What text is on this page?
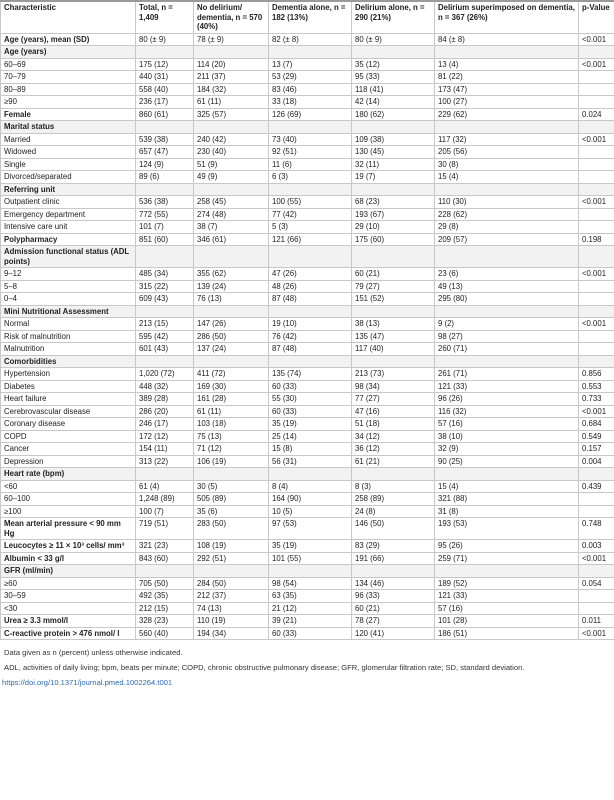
Characteristic	Total, n = 1,409	No delirium/ dementia, n = 570 (40%)	Dementia alone, n = 182 (13%)	Delirium alone, n = 290 (21%)	Delirium superimposed on dementia, n = 367 (26%)	p-Value
Age (years), mean (SD)	80 (± 9)	78 (± 9)	82 (± 8)	80 (± 9)	84 (± 8)	<0.001
Age (years)						
60–69	175 (12)	114 (20)	13 (7)	35 (12)	13 (4)	<0.001
70–79	440 (31)	211 (37)	53 (29)	95 (33)	81 (22)	
80–89	558 (40)	184 (32)	83 (46)	118 (41)	173 (47)	
≥90	236 (17)	61 (11)	33 (18)	42 (14)	100 (27)	
Female	860 (61)	325 (57)	126 (69)	180 (62)	229 (62)	0.024
Marital status						
Married	539 (38)	240 (42)	73 (40)	109 (38)	117 (32)	<0.001
Widowed	657 (47)	230 (40)	92 (51)	130 (45)	205 (56)	
Single	124 (9)	51 (9)	11 (6)	32 (11)	30 (8)	
Divorced/separated	89 (6)	49 (9)	6 (3)	19 (7)	15 (4)	
Referring unit						
Outpatient clinic	536 (38)	258 (45)	100 (55)	68 (23)	110 (30)	<0.001
Emergency department	772 (55)	274 (48)	77 (42)	193 (67)	228 (62)	
Intensive care unit	101 (7)	38 (7)	5 (3)	29 (10)	29 (8)	
Polypharmacy	851 (60)	346 (61)	121 (66)	175 (60)	209 (57)	0.198
Admission functional status (ADL points)						
9–12	485 (34)	355 (62)	47 (26)	60 (21)	23 (6)	<0.001
5–8	315 (22)	139 (24)	48 (26)	79 (27)	49 (13)	
0–4	609 (43)	76 (13)	87 (48)	151 (52)	295 (80)	
Mini Nutritional Assessment						
Normal	213 (15)	147 (26)	19 (10)	38 (13)	9 (2)	<0.001
Risk of malnutrition	595 (42)	286 (50)	76 (42)	135 (47)	98 (27)	
Malnutrition	601 (43)	137 (24)	87 (48)	117 (40)	260 (71)	
Comorbidities						
Hypertension	1,020 (72)	411 (72)	135 (74)	213 (73)	261 (71)	0.856
Diabetes	448 (32)	169 (30)	60 (33)	98 (34)	121 (33)	0.553
Heart failure	389 (28)	161 (28)	55 (30)	77 (27)	96 (26)	0.733
Cerebrovascular disease	286 (20)	61 (11)	60 (33)	47 (16)	116 (32)	<0.001
Coronary disease	246 (17)	103 (18)	35 (19)	51 (18)	57 (16)	0.684
COPD	172 (12)	75 (13)	25 (14)	34 (12)	38 (10)	0.549
Cancer	154 (11)	71 (12)	15 (8)	36 (12)	32 (9)	0.157
Depression	313 (22)	106 (19)	56 (31)	61 (21)	90 (25)	0.004
Heart rate (bpm)						
<60	61 (4)	30 (5)	8 (4)	8 (3)	15 (4)	0.439
60–100	1,248 (89)	505 (89)	164 (90)	258 (89)	321 (88)	
≥100	100 (7)	35 (6)	10 (5)	24 (8)	31 (8)	
Mean arterial pressure < 90 mm Hg	719 (51)	283 (50)	97 (53)	146 (50)	193 (53)	0.748
Leucocytes ≥ 11 × 10³ cells/ mm³	321 (23)	108 (19)	35 (19)	83 (29)	95 (26)	0.003
Albumin < 33 g/l	843 (60)	292 (51)	101 (55)	191 (66)	259 (71)	<0.001
GFR (ml/min)						
≥60	705 (50)	284 (50)	98 (54)	134 (46)	189 (52)	0.054
30–59	492 (35)	212 (37)	63 (35)	96 (33)	121 (33)	
<30	212 (15)	74 (13)	21 (12)	60 (21)	57 (16)	
Urea ≥ 3.3 mmol/l	328 (23)	110 (19)	39 (21)	78 (27)	101 (28)	0.011
C-reactive protein > 476 nmol/ l	560 (40)	194 (34)	60 (33)	120 (41)	186 (51)	<0.001
Data given as n (percent) unless otherwise indicated.
ADL, activities of daily living; bpm, beats per minute; COPD, chronic obstructive pulmonary disease; GFR, glomerular filtration rate; SD, standard deviation.
https://doi.org/10.1371/journal.pmed.1002264.t001
